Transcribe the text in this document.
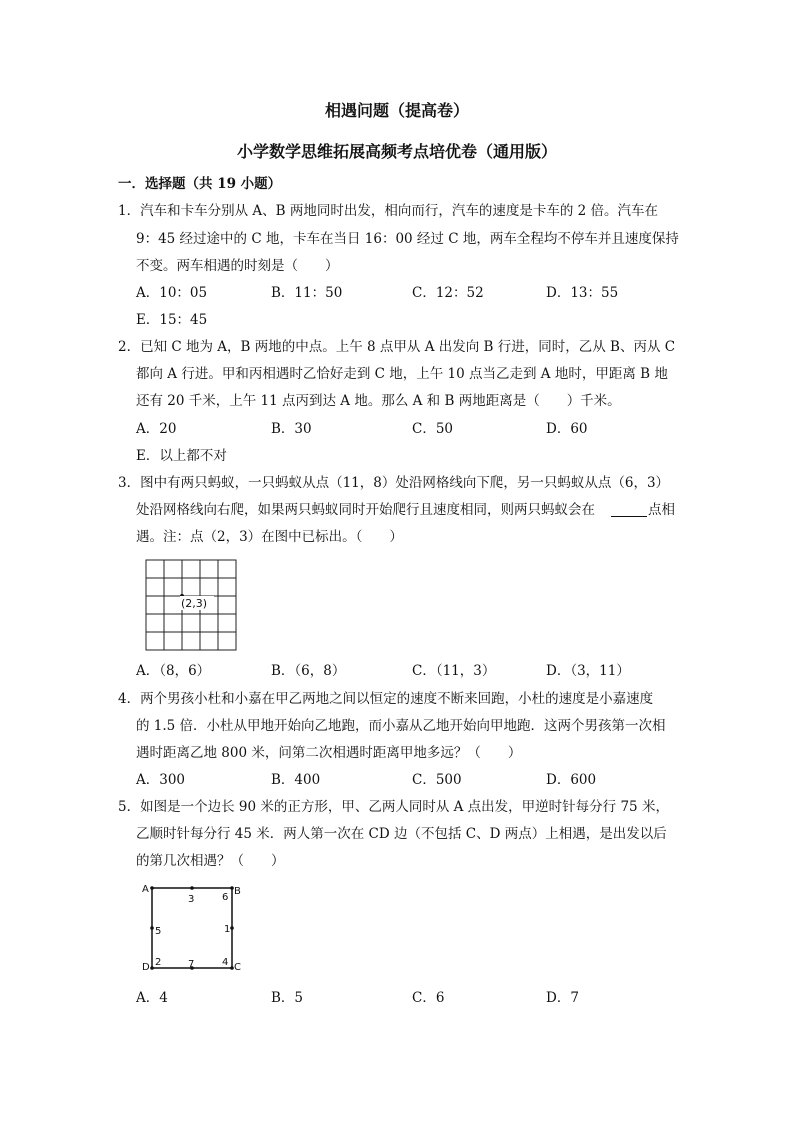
相遇问题（提高卷）
小学数学思维拓展高频考点培优卷（通用版）
一．选择题（共 19 小题）
1．汽车和卡车分别从 A、B 两地同时出发，相向而行，汽车的速度是卡车的 2 倍。汽车在
9：45 经过途中的 C 地，卡车在当日 16：00 经过 C 地，两车全程均不停车并且速度保持
不变。两车相遇的时刻是（　　）
A．10：05	B．11：50	C．12：52	D．13：55
E．15：45
2．已知 C 地为 A，B 两地的中点。上午 8 点甲从 A 出发向 B 行进，同时，乙从 B、丙从 C
都向 A 行进。甲和丙相遇时乙恰好走到 C 地，上午 10 点当乙走到 A 地时，甲距离 B 地
还有 20 千米，上午 11 点丙到达 A 地。那么 A 和 B 两地距离是（　　）千米。
A．20	B．30	C．50	D．60
E．以上都不对
3．图中有两只蚂蚁，一只蚂蚁从点（11，8）处沿网格线向下爬，另一只蚂蚁从点（6，3）
处沿网格线向右爬，如果两只蚂蚁同时开始爬行且速度相同，则两只蚂蚁会在	点相
遇。注：点（2，3）在图中已标出。（　　）
(2,3)
A．（8，6）	B．（6，8）	C．（11，3）	D．（3，11）
4．两个男孩小杜和小嘉在甲乙两地之间以恒定的速度不断来回跑，小杜的速度是小嘉速度
的 1.5 倍．小杜从甲地开始向乙地跑，而小嘉从乙地开始向甲地跑．这两个男孩第一次相
遇时距离乙地 800 米，问第二次相遇时距离甲地多远？（　　）
A．300	B．400	C．500	D．600
5．如图是一个边长 90 米的正方形，甲、乙两人同时从 A 点出发，甲逆时针每分行 75 米，
乙顺时针每分行 45 米．两人第一次在 CD 边（不包括 C、D 两点）上相遇，是出发以后
的第几次相遇？（　　）
A	B
C
D
3	6
1
5
2	7	4
A．4	B．5	C．6	D．7
